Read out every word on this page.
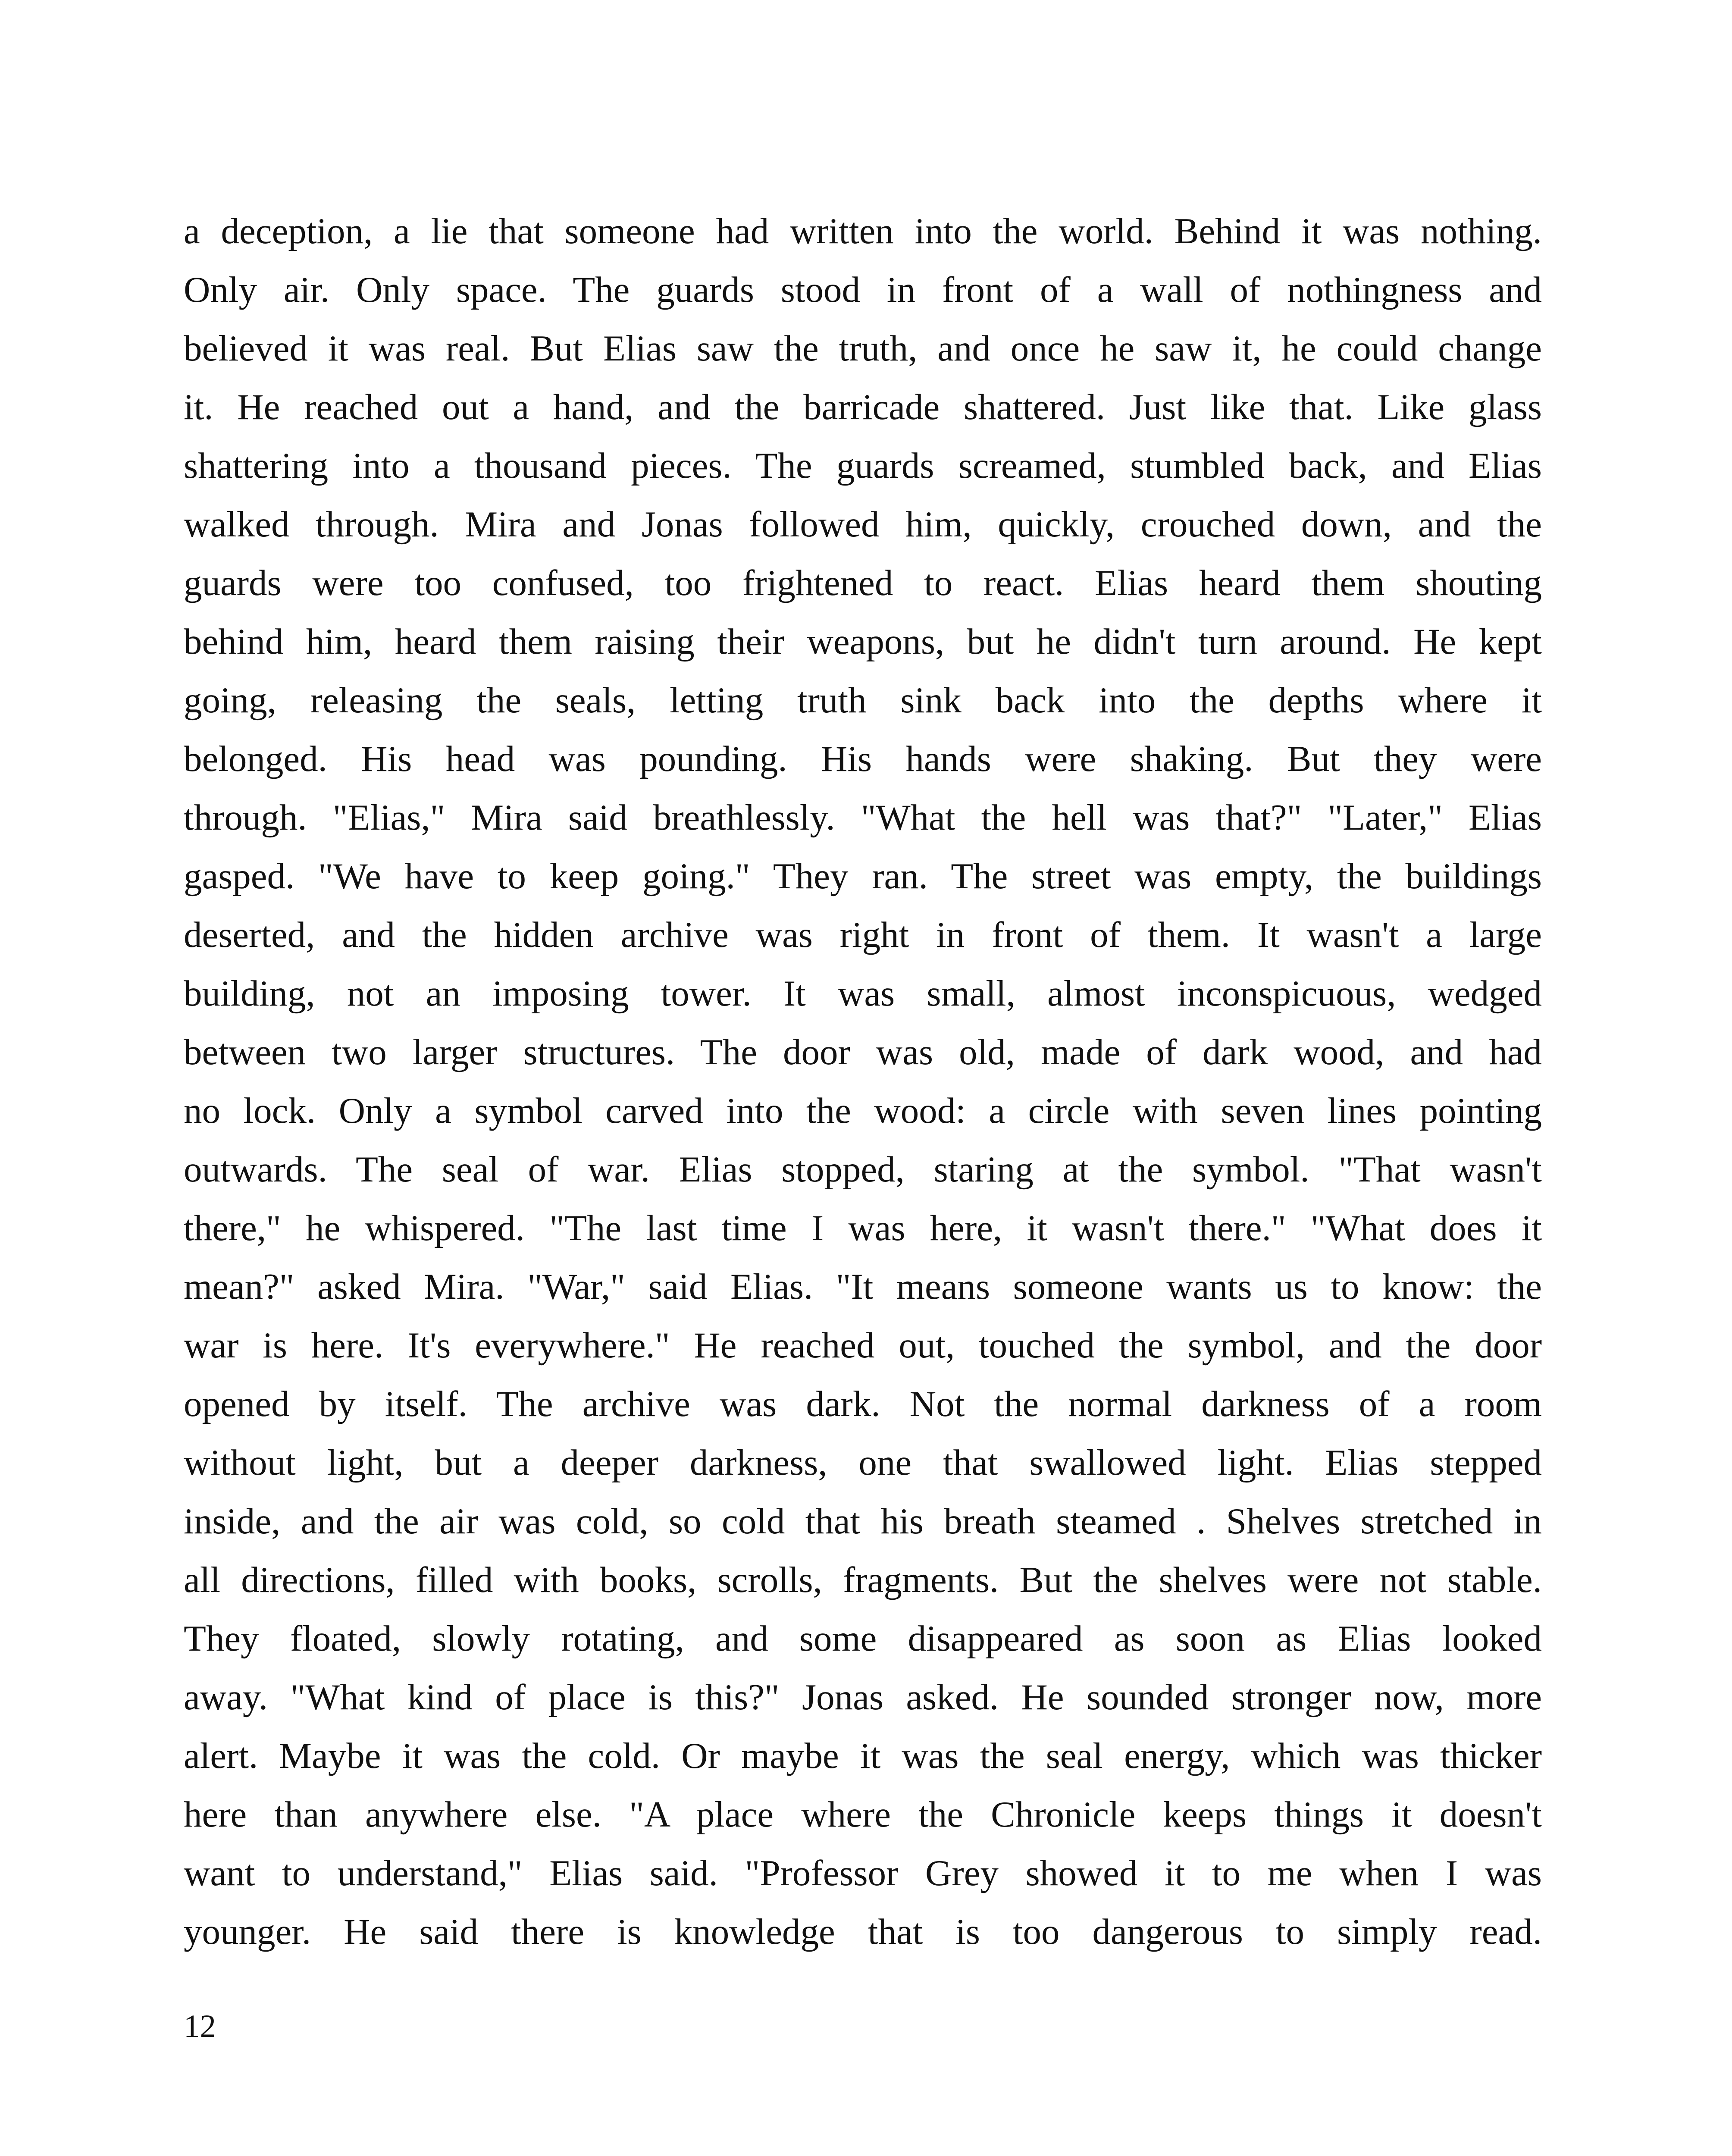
a deception, a lie that someone had written into the world. Behind it was nothing.
Only air. Only space. The guards stood in front of a wall of nothingness and
believed it was real. But Elias saw the truth, and once he saw it, he could change
it. He reached out a hand, and the barricade shattered. Just like that. Like glass
shattering into a thousand pieces. The guards screamed, stumbled back, and Elias
walked through. Mira and Jonas followed him, quickly, crouched down, and the
guards were too confused, too frightened to react. Elias heard them shouting
behind him, heard them raising their weapons, but he didn't turn around. He kept
going, releasing the seals, letting truth sink back into the depths where it
belonged. His head was pounding. His hands were shaking. But they were
through. "Elias," Mira said breathlessly. "What the hell was that?" "Later," Elias
gasped. "We have to keep going." They ran. The street was empty, the buildings
deserted, and the hidden archive was right in front of them. It wasn't a large
building, not an imposing tower. It was small, almost inconspicuous, wedged
between two larger structures. The door was old, made of dark wood, and had
no lock. Only a symbol carved into the wood: a circle with seven lines pointing
outwards. The seal of war. Elias stopped, staring at the symbol. "That wasn't
there," he whispered. "The last time I was here, it wasn't there." "What does it
mean?" asked Mira. "War," said Elias. "It means someone wants us to know: the
war is here. It's everywhere." He reached out, touched the symbol, and the door
opened by itself. The archive was dark. Not the normal darkness of a room
without light, but a deeper darkness, one that swallowed light. Elias stepped
inside, and the air was cold, so cold that his breath steamed . Shelves stretched in
all directions, filled with books, scrolls, fragments. But the shelves were not stable.
They floated, slowly rotating, and some disappeared as soon as Elias looked
away. "What kind of place is this?" Jonas asked. He sounded stronger now, more
alert. Maybe it was the cold. Or maybe it was the seal energy, which was thicker
here than anywhere else. "A place where the Chronicle keeps things it doesn't
want to understand," Elias said. "Professor Grey showed it to me when I was
younger. He said there is knowledge that is too dangerous to simply read.

12
